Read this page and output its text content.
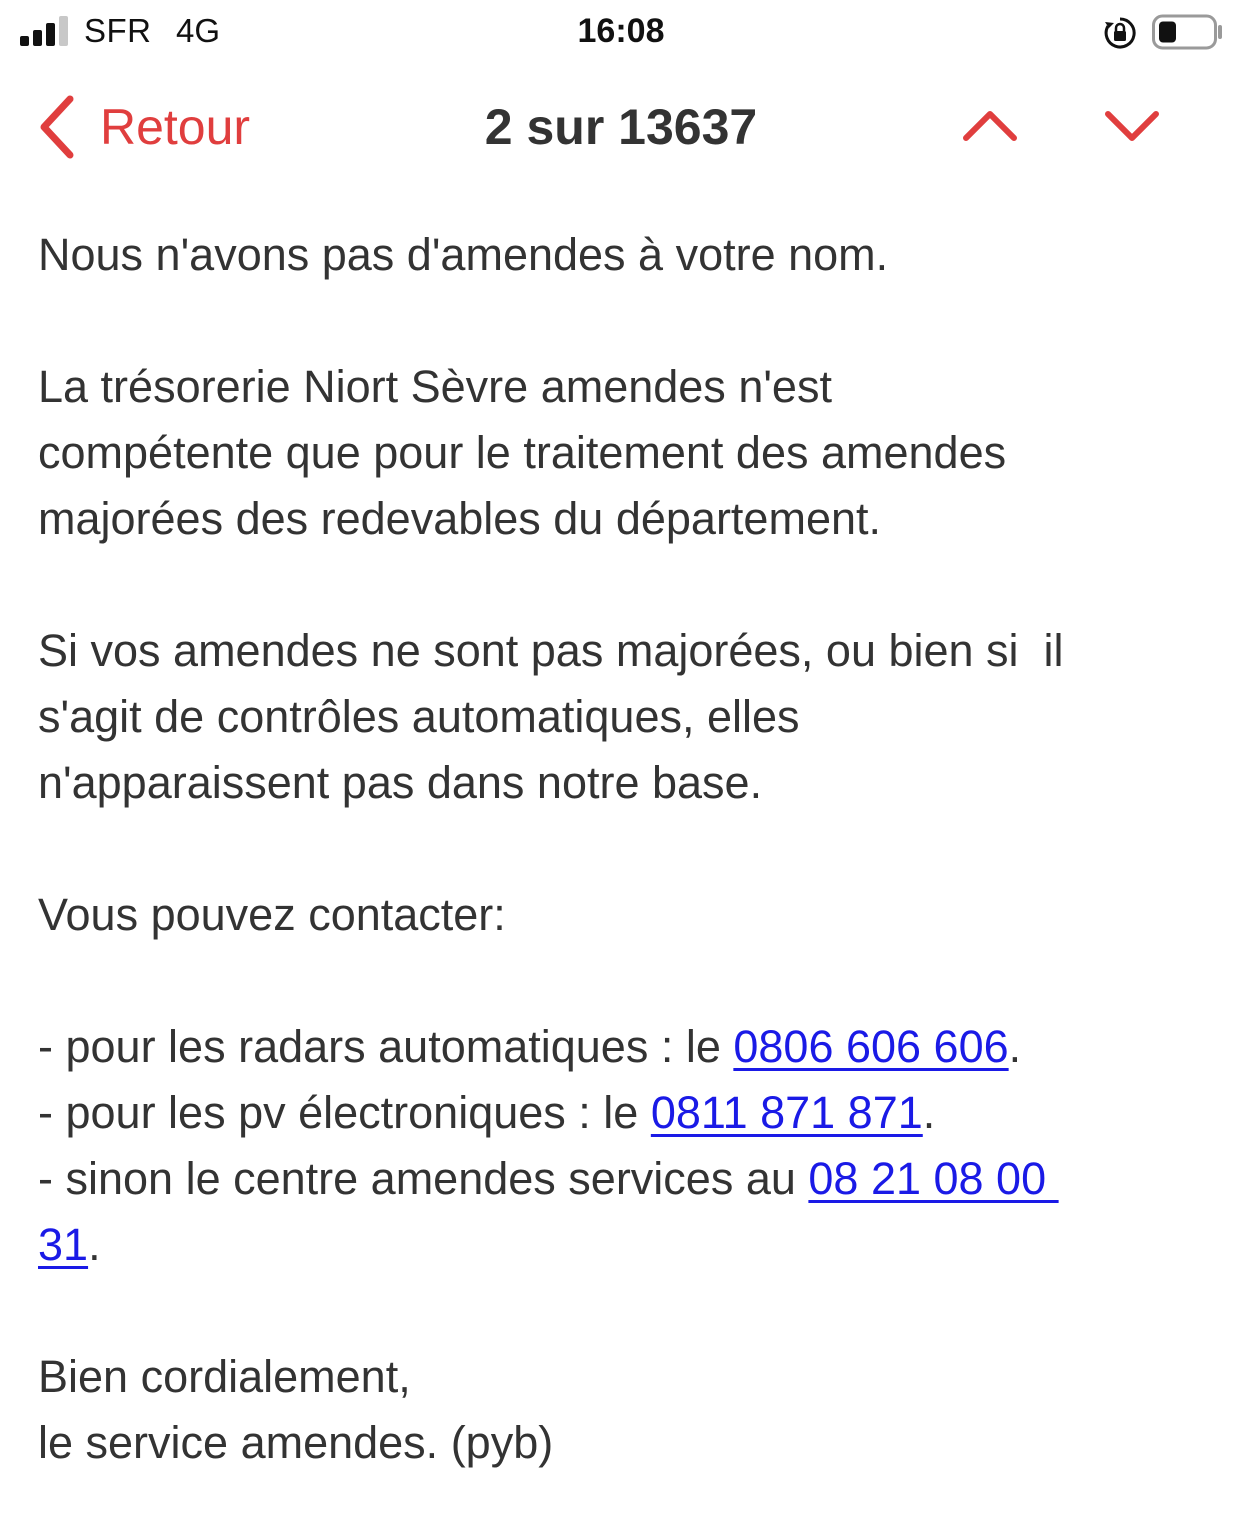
SFR 4G	16:08
Retour	2 sur 13637

Nous n'avons pas d'amendes à votre nom.

La trésorerie Niort Sèvre amendes n'est
compétente que pour le traitement des amendes
majorées des redevables du département.

Si vos amendes ne sont pas majorées, ou bien si  il
s'agit de contrôles automatiques, elles
n'apparaissent pas dans notre base.

Vous pouvez contacter:

- pour les radars automatiques : le 0806 606 606.
- pour les pv électroniques : le 0811 871 871.
- sinon le centre amendes services au 08 21 08 00
31.

Bien cordialement,
le service amendes. (pyb)
